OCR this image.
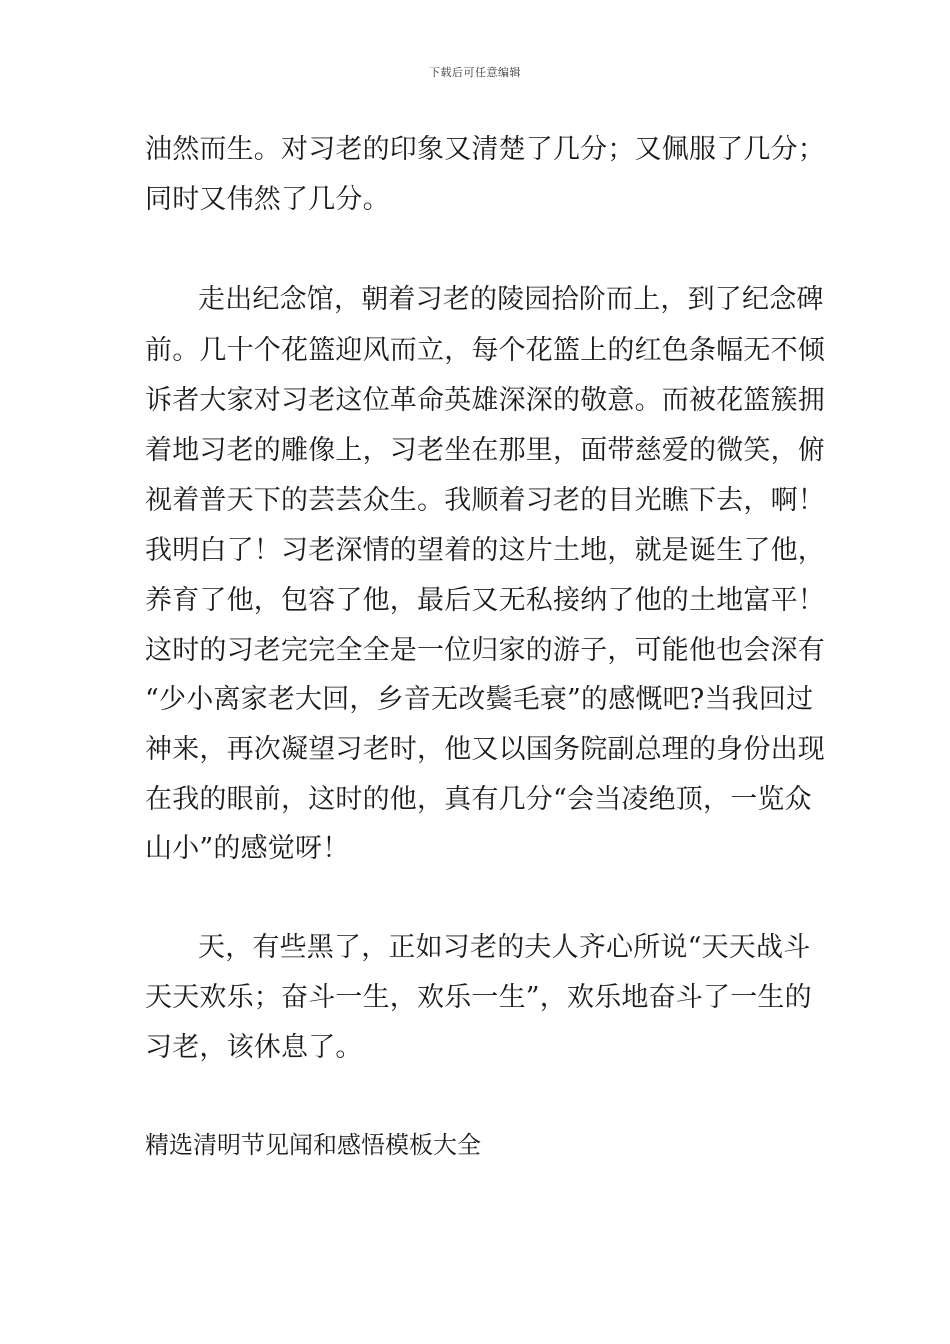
下载后可任意编辑
油然而生。对习老的印象又清楚了几分；又佩服了几分；
同时又伟然了几分。
走出纪念馆，朝着习老的陵园拾阶而上，到了纪念碑
前。几十个花篮迎风而立，每个花篮上的红色条幅无不倾
诉者大家对习老这位革命英雄深深的敬意。而被花篮簇拥
着地习老的雕像上，习老坐在那里，面带慈爱的微笑，俯
视着普天下的芸芸众生。我顺着习老的目光瞧下去，啊！
我明白了！习老深情的望着的这片土地，就是诞生了他，
养育了他，包容了他，最后又无私接纳了他的土地富平！
这时的习老完完全全是一位归家的游子，可能他也会深有
“少小离家老大回，乡音无改鬓毛衰”的感慨吧?当我回过
神来，再次凝望习老时，他又以国务院副总理的身份出现
在我的眼前，这时的他，真有几分“会当凌绝顶，一览众
山小”的感觉呀！
天，有些黑了，正如习老的夫人齐心所说“天天战斗
天天欢乐；奋斗一生，欢乐一生”，欢乐地奋斗了一生的
习老，该休息了。
精选清明节见闻和感悟模板大全
